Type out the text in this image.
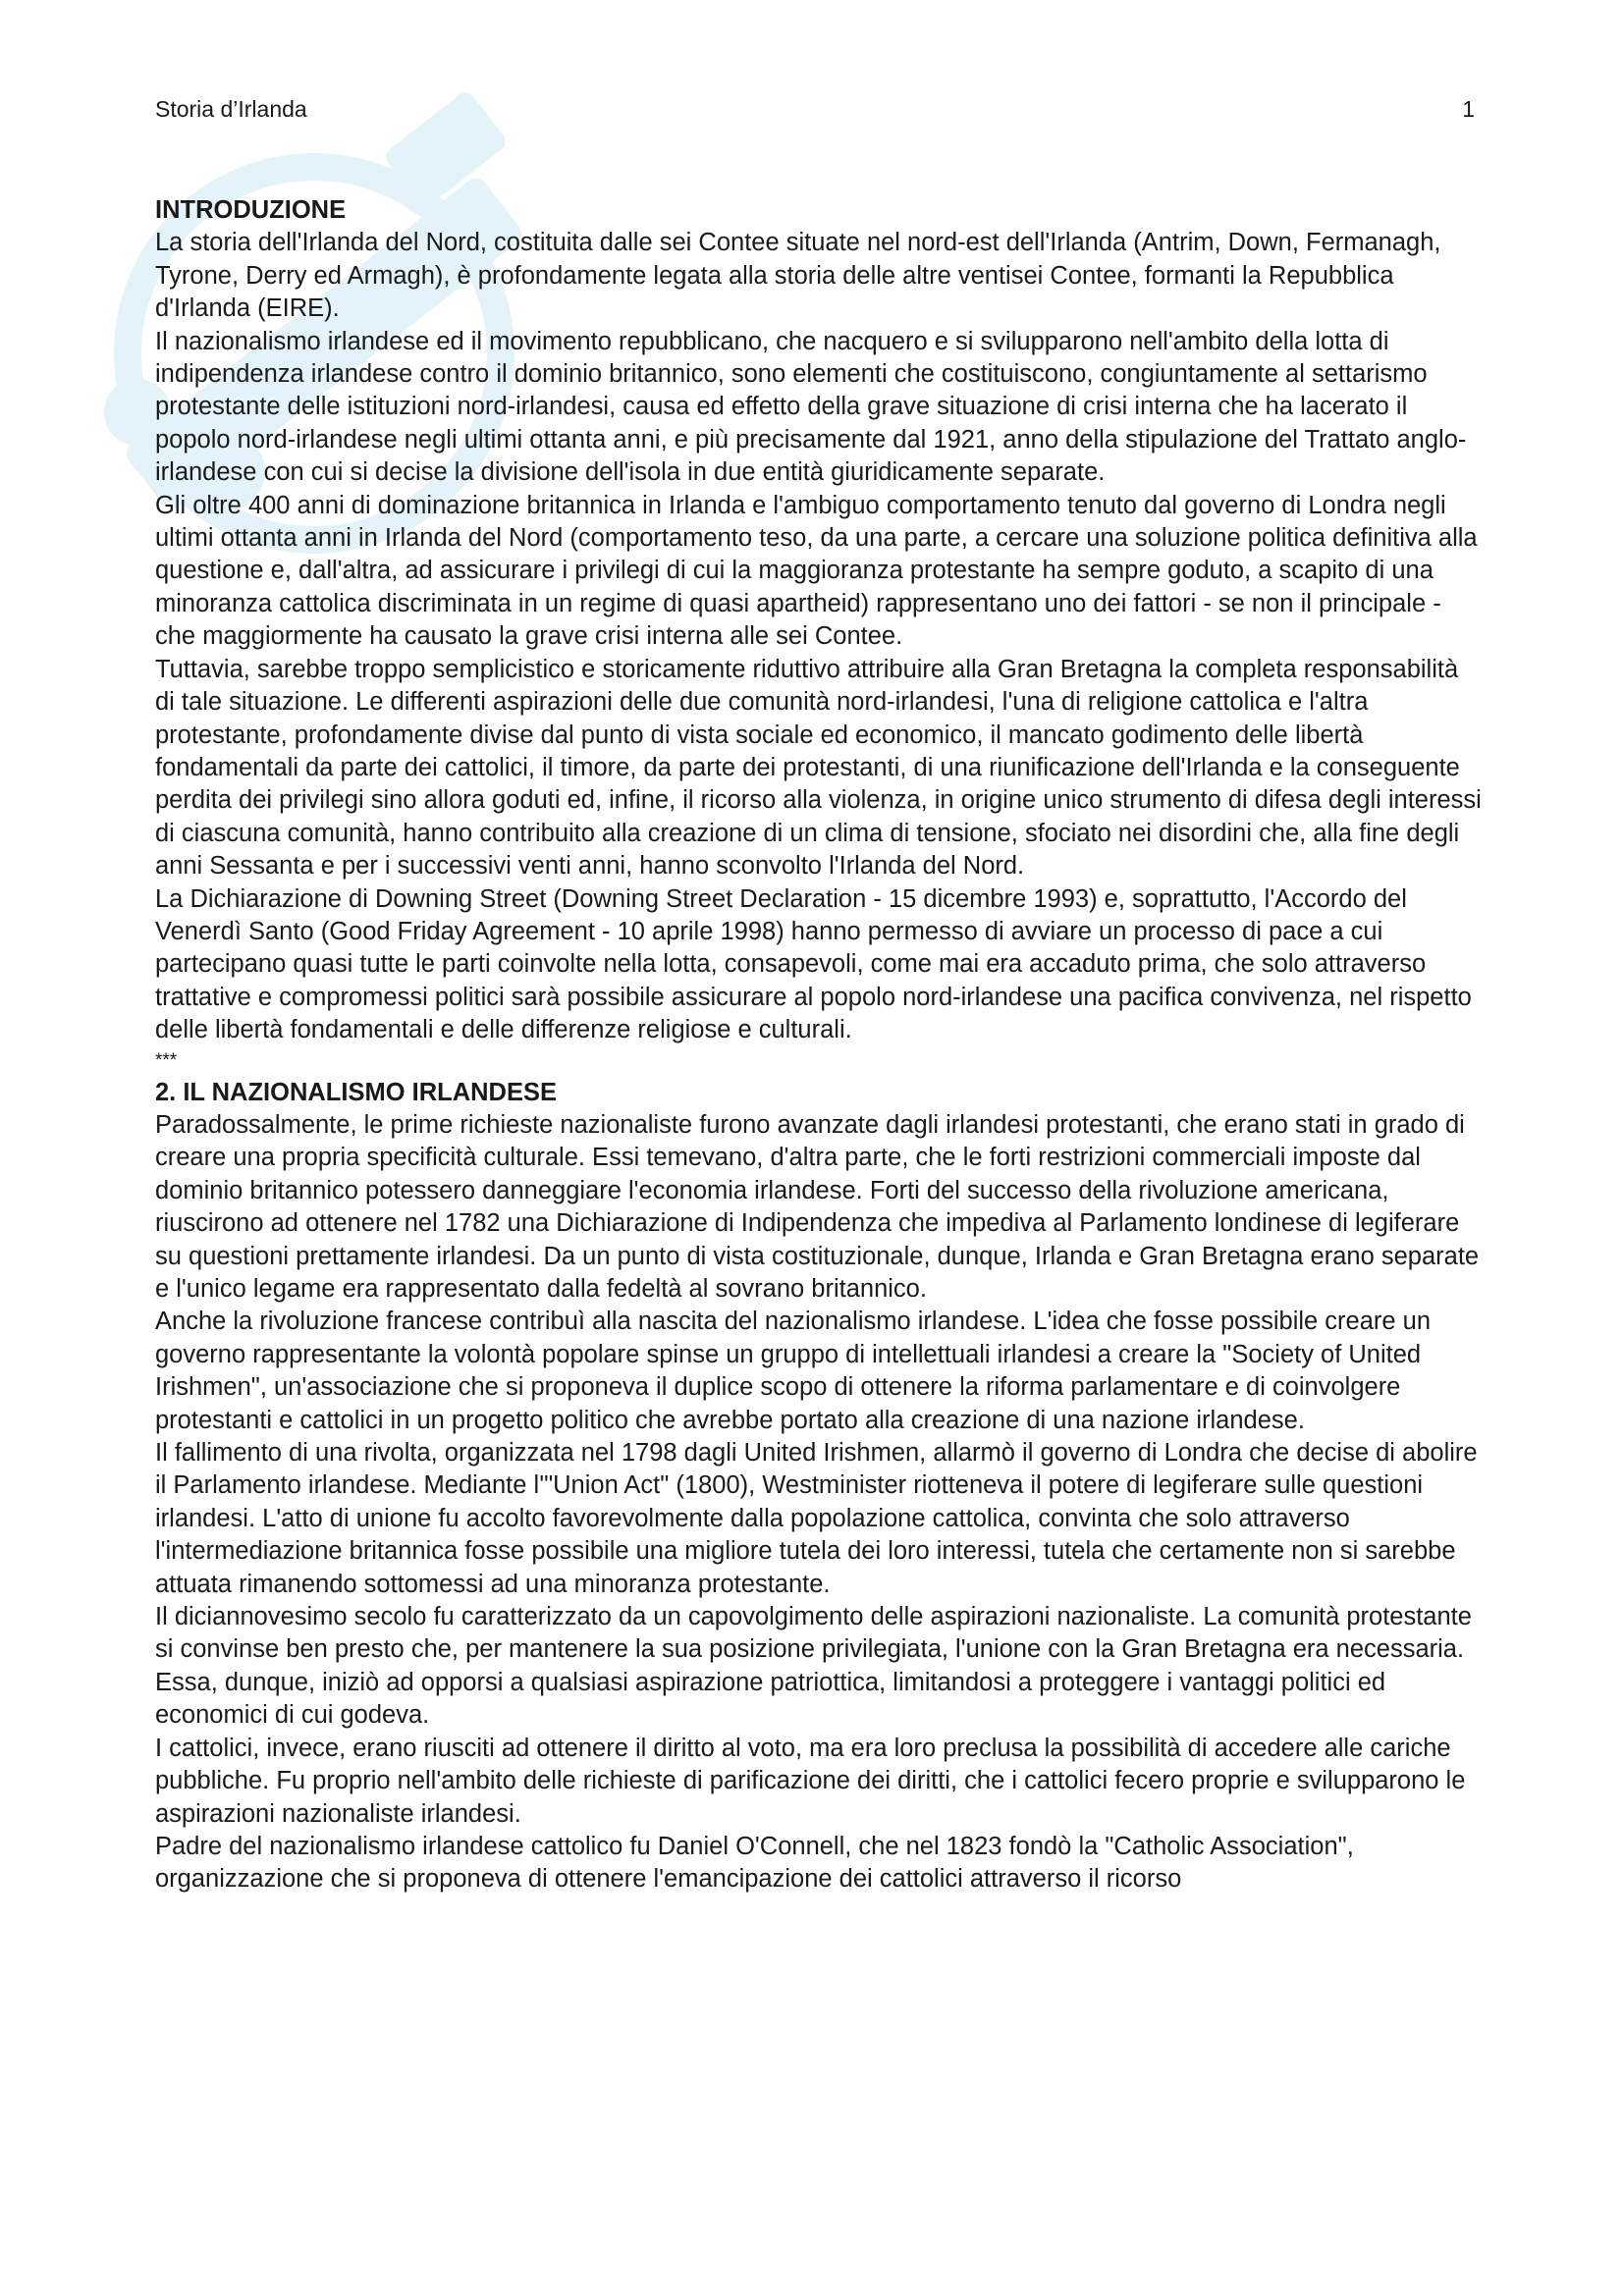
Storia d’Irlanda	1
INTRODUZIONE

La storia dell'Irlanda del Nord, costituita dalle sei Contee situate nel nord-est dell'Irlanda (Antrim, Down, Fermanagh, Tyrone, Derry ed Armagh), è profondamente legata alla storia delle altre ventisei Contee, formanti la Repubblica d'Irlanda (EIRE).

Il nazionalismo irlandese ed il movimento repubblicano, che nacquero e si svilupparono nell'ambito della lotta di indipendenza irlandese contro il dominio britannico, sono elementi che costituiscono, congiuntamente al settarismo protestante delle istituzioni nord-irlandesi, causa ed effetto della grave situazione di crisi interna che ha lacerato il popolo nord-irlandese negli ultimi ottanta anni, e più precisamente dal 1921, anno della stipulazione del Trattato anglo-irlandese con cui si decise la divisione dell'isola in due entità giuridicamente separate.

Gli oltre 400 anni di dominazione britannica in Irlanda e l'ambiguo comportamento tenuto dal governo di Londra negli ultimi ottanta anni in Irlanda del Nord (comportamento teso, da una parte, a cercare una soluzione politica definitiva alla questione e, dall'altra, ad assicurare i privilegi di cui la maggioranza protestante ha sempre goduto, a scapito di una minoranza cattolica discriminata in un regime di quasi apartheid) rappresentano uno dei fattori - se non il principale - che maggiormente ha causato la grave crisi interna alle sei Contee.

Tuttavia, sarebbe troppo semplicistico e storicamente riduttivo attribuire alla Gran Bretagna la completa responsabilità di tale situazione. Le differenti aspirazioni delle due comunità nord-irlandesi, l'una di religione cattolica e l'altra protestante, profondamente divise dal punto di vista sociale ed economico, il mancato godimento delle libertà fondamentali da parte dei cattolici, il timore, da parte dei protestanti, di una riunificazione dell'Irlanda e la conseguente perdita dei privilegi sino allora goduti ed, infine, il ricorso alla violenza, in origine unico strumento di difesa degli interessi di ciascuna comunità, hanno contribuito alla creazione di un clima di tensione, sfociato nei disordini che, alla fine degli anni Sessanta e per i successivi venti anni, hanno sconvolto l'Irlanda del Nord.

La Dichiarazione di Downing Street (Downing Street Declaration - 15 dicembre 1993) e, soprattutto, l'Accordo del Venerdì Santo (Good Friday Agreement - 10 aprile 1998) hanno permesso di avviare un processo di pace a cui partecipano quasi tutte le parti coinvolte nella lotta, consapevoli, come mai era accaduto prima, che solo attraverso trattative e compromessi politici sarà possibile assicurare al popolo nord-irlandese una pacifica convivenza, nel rispetto delle libertà fondamentali e delle differenze religiose e culturali.

***

2. IL NAZIONALISMO IRLANDESE

Paradossalmente, le prime richieste nazionaliste furono avanzate dagli irlandesi protestanti, che erano stati in grado di creare una propria specificità culturale. Essi temevano, d'altra parte, che le forti restrizioni commerciali imposte dal dominio britannico potessero danneggiare l'economia irlandese. Forti del successo della rivoluzione americana, riuscirono ad ottenere nel 1782 una Dichiarazione di Indipendenza che impediva al Parlamento londinese di legiferare su questioni prettamente irlandesi. Da un punto di vista costituzionale, dunque, Irlanda e Gran Bretagna erano separate e l'unico legame era rappresentato dalla fedeltà al sovrano britannico.

Anche la rivoluzione francese contribuì alla nascita del nazionalismo irlandese. L'idea che fosse possibile creare un governo rappresentante la volontà popolare spinse un gruppo di intellettuali irlandesi a creare la "Society of United Irishmen", un'associazione che si proponeva il duplice scopo di ottenere la riforma parlamentare e di coinvolgere protestanti e cattolici in un progetto politico che avrebbe portato alla creazione di una nazione irlandese.

Il fallimento di una rivolta, organizzata nel 1798 dagli United Irishmen, allarmò il governo di Londra che decise di abolire il Parlamento irlandese. Mediante l'"Union Act" (1800), Westminister riotteneva il potere di legiferare sulle questioni irlandesi. L'atto di unione fu accolto favorevolmente dalla popolazione cattolica, convinta che solo attraverso l'intermediazione britannica fosse possibile una migliore tutela dei loro interessi, tutela che certamente non si sarebbe attuata rimanendo sottomessi ad una minoranza protestante.

Il diciannovesimo secolo fu caratterizzato da un capovolgimento delle aspirazioni nazionaliste. La comunità protestante si convinse ben presto che, per mantenere la sua posizione privilegiata, l'unione con la Gran Bretagna era necessaria. Essa, dunque, iniziò ad opporsi a qualsiasi aspirazione patriottica, limitandosi a proteggere i vantaggi politici ed economici di cui godeva.

I cattolici, invece, erano riusciti ad ottenere il diritto al voto, ma era loro preclusa la possibilità di accedere alle cariche pubbliche. Fu proprio nell'ambito delle richieste di parificazione dei diritti, che i cattolici fecero proprie e svilupparono le aspirazioni nazionaliste irlandesi.

Padre del nazionalismo irlandese cattolico fu Daniel O'Connell, che nel 1823 fondò la "Catholic Association", organizzazione che si proponeva di ottenere l'emancipazione dei cattolici attraverso il ricorso
